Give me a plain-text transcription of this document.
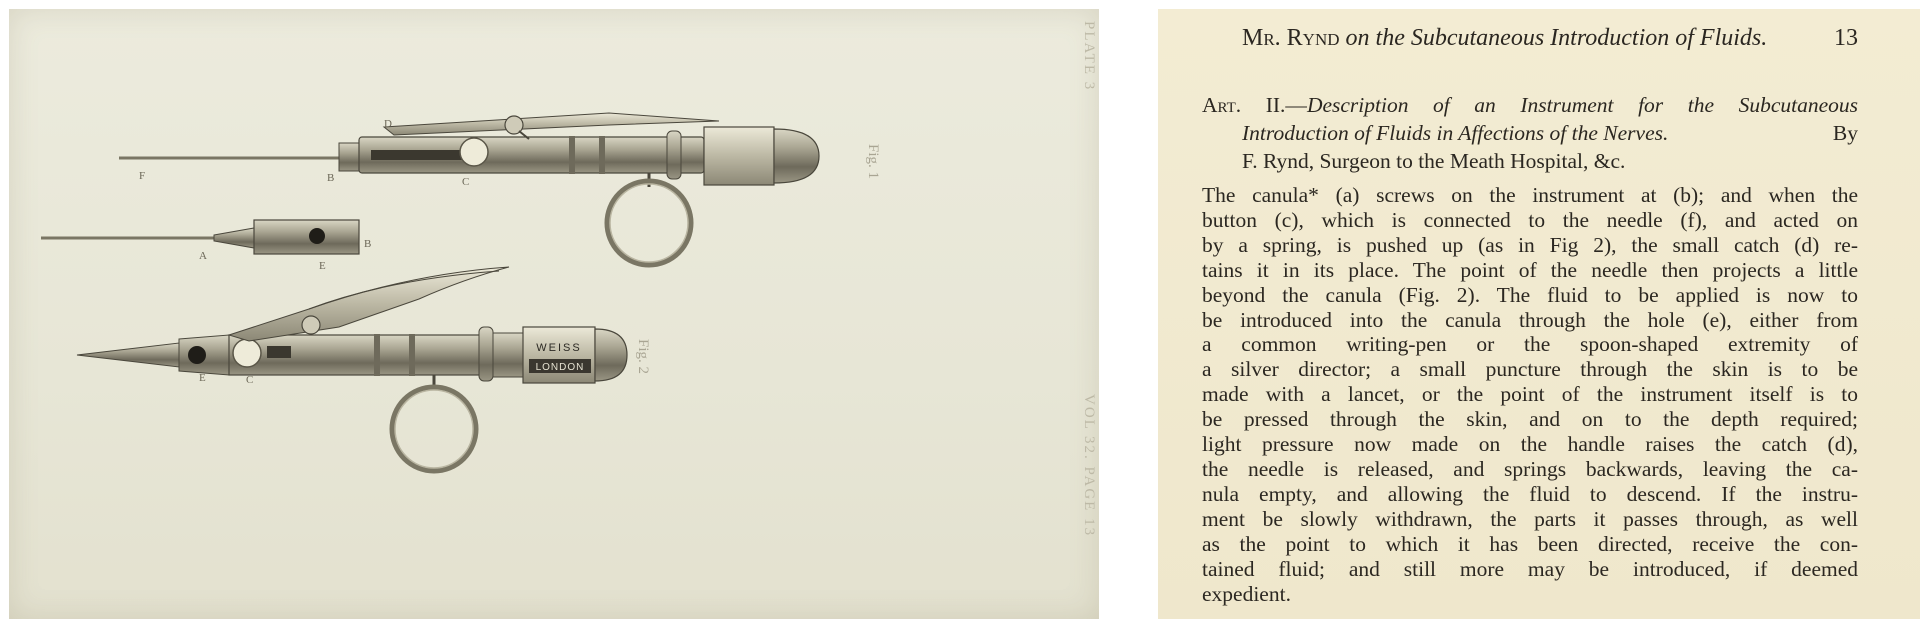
D
B	C
F	Fig. 1
A
E
B
WEISS
LONDON
E	C
Fig. 2
PLATE 3
VOL 32. PAGE 13
Mr. Rynd on the Subcutaneous Introduction of Fluids.	13
Art. II.—Description of an Instrument for the Subcutaneous
Introduction of Fluids in Affections of the Nerves.	By
F. Rynd, Surgeon to the Meath Hospital, &c.
The canula* (a) screws on the instrument at (b); and when the
button (c), which is connected to the needle (f), and acted on
by a spring, is pushed up (as in Fig 2), the small catch (d) re-
tains it in its place. The point of the needle then projects a little
beyond the canula (Fig. 2). The fluid to be applied is now to
be introduced into the canula through the hole (e), either from
a common writing-pen or the spoon-shaped extremity of
a silver director; a small puncture through the skin is to be
made with a lancet, or the point of the instrument itself is to
be pressed through the skin, and on to the depth required;
light pressure now made on the handle raises the catch (d),
the needle is released, and springs backwards, leaving the ca-
nula empty, and allowing the fluid to descend. If the instru-
ment be slowly withdrawn, the parts it passes through, as well
as the point to which it has been directed, receive the con-
tained fluid; and still more may be introduced, if deemed
expedient.
